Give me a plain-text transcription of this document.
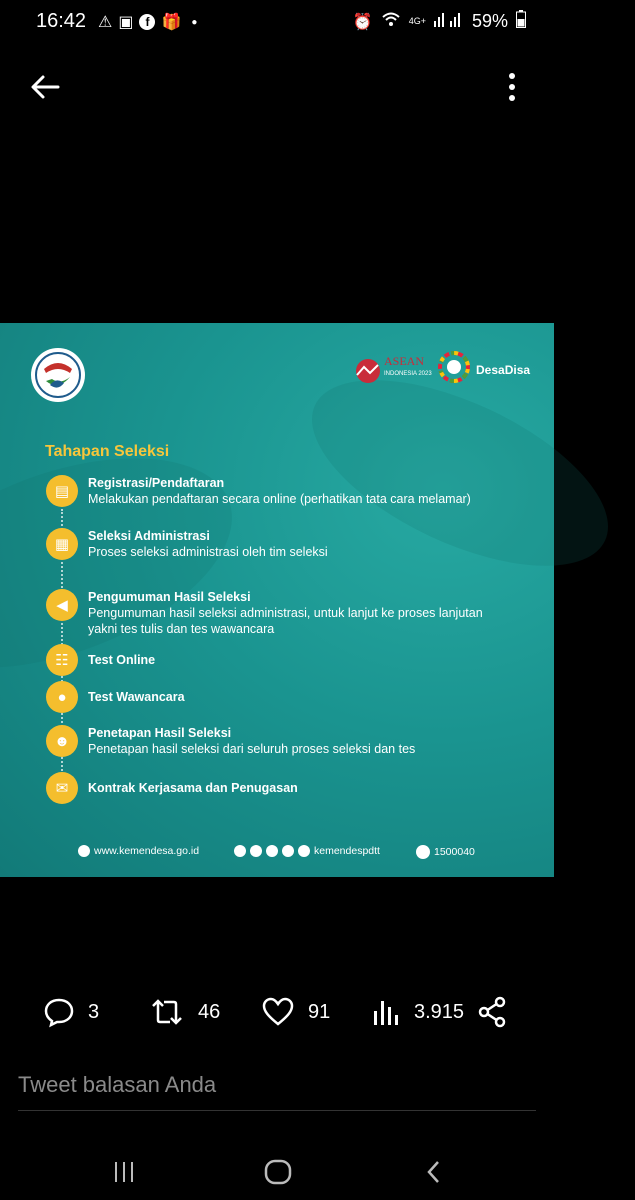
16:42 ⚠ ▣	f 🎁 ●	⏰	4G+	59%
ASEAN
INDONESIA 2023	DesaDisa
Tahapan Seleksi
▤ Registrasi/Pendaftaran
Melakukan pendaftaran secara online (perhatikan tata cara melamar)
▦ Seleksi Administrasi
Proses seleksi administrasi oleh tim seleksi
◀ Pengumuman Hasil Seleksi
Pengumuman hasil seleksi administrasi, untuk lanjut ke proses lanjutan
yakni tes tulis dan tes wawancara
☷ Test Online
● Test Wawancara
☻ Penetapan Hasil Seleksi
Penetapan hasil seleksi dari seluruh proses seleksi dan tes
✉ Kontrak Kerjasama dan Penugasan
www.kemendesa.go.id	kemendespdtt	1500040
3	46	91	3.915
Tweet balasan Anda
